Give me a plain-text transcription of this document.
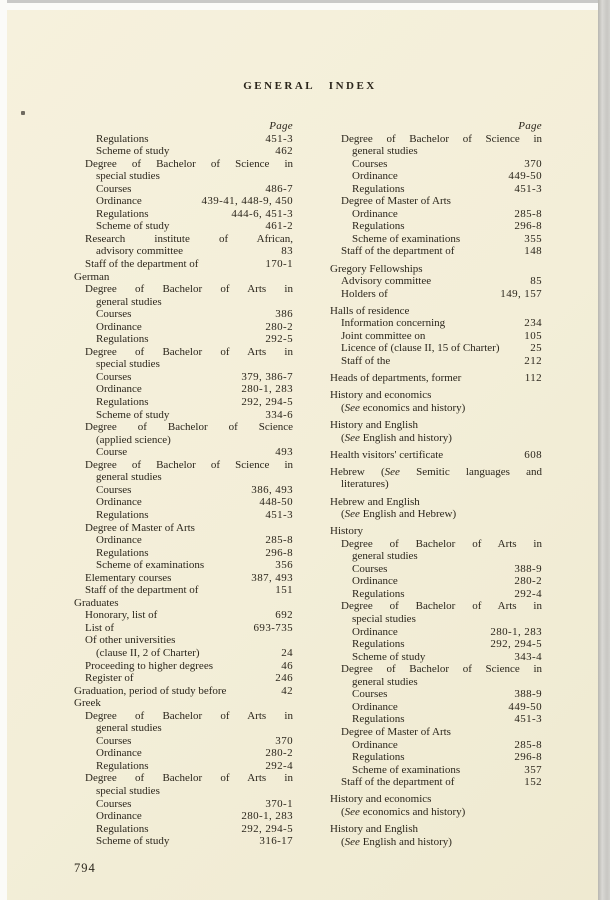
GENERAL INDEX
Page
Regulations	451-3
Scheme of study	462
Degree of Bachelor of Science in
special studies
Courses	486-7
Ordinance	439-41, 448-9, 450
Regulations	444-6, 451-3
Scheme of study	461-2
Research institute of African,
advisory committee	83
Staff of the department of	170-1
German
Degree of Bachelor of Arts in
general studies
Courses	386
Ordinance	280-2
Regulations	292-5
Degree of Bachelor of Arts in
special studies
Courses	379, 386-7
Ordinance	280-1, 283
Regulations	292, 294-5
Scheme of study	334-6
Degree of Bachelor of Science
(applied science)
Course	493
Degree of Bachelor of Science in
general studies
Courses	386, 493
Ordinance	448-50
Regulations	451-3
Degree of Master of Arts
Ordinance	285-8
Regulations	296-8
Scheme of examinations	356
Elementary courses	387, 493
Staff of the department of	151
Graduates
Honorary, list of	692
List of	693-735
Of other universities
(clause II, 2 of Charter)	24
Proceeding to higher degrees	46
Register of	246
Graduation, period of study before	42
Greek
Degree of Bachelor of Arts in
general studies
Courses	370
Ordinance	280-2
Regulations	292-4
Degree of Bachelor of Arts in
special studies
Courses	370-1
Ordinance	280-1, 283
Regulations	292, 294-5
Scheme of study	316-17
Page
Degree of Bachelor of Science in
general studies
Courses	370
Ordinance	449-50
Regulations	451-3
Degree of Master of Arts
Ordinance	285-8
Regulations	296-8
Scheme of examinations	355
Staff of the department of	148
Gregory Fellowships
Advisory committee	85
Holders of	149, 157
Halls of residence
Information concerning	234
Joint committee on	105
Licence of (clause II, 15 of Charter)	25
Staff of the	212
Heads of departments, former	112
History and economics
(See economics and history)
History and English
(See English and history)
Health visitors' certificate	608
Hebrew (See Semitic languages and
literatures)
Hebrew and English
(See English and Hebrew)
History
Degree of Bachelor of Arts in
general studies
Courses	388-9
Ordinance	280-2
Regulations	292-4
Degree of Bachelor of Arts in
special studies
Ordinance	280-1, 283
Regulations	292, 294-5
Scheme of study	343-4
Degree of Bachelor of Science in
general studies
Courses	388-9
Ordinance	449-50
Regulations	451-3
Degree of Master of Arts
Ordinance	285-8
Regulations	296-8
Scheme of examinations	357
Staff of the department of	152
History and economics
(See economics and history)
History and English
(See English and history)
794
